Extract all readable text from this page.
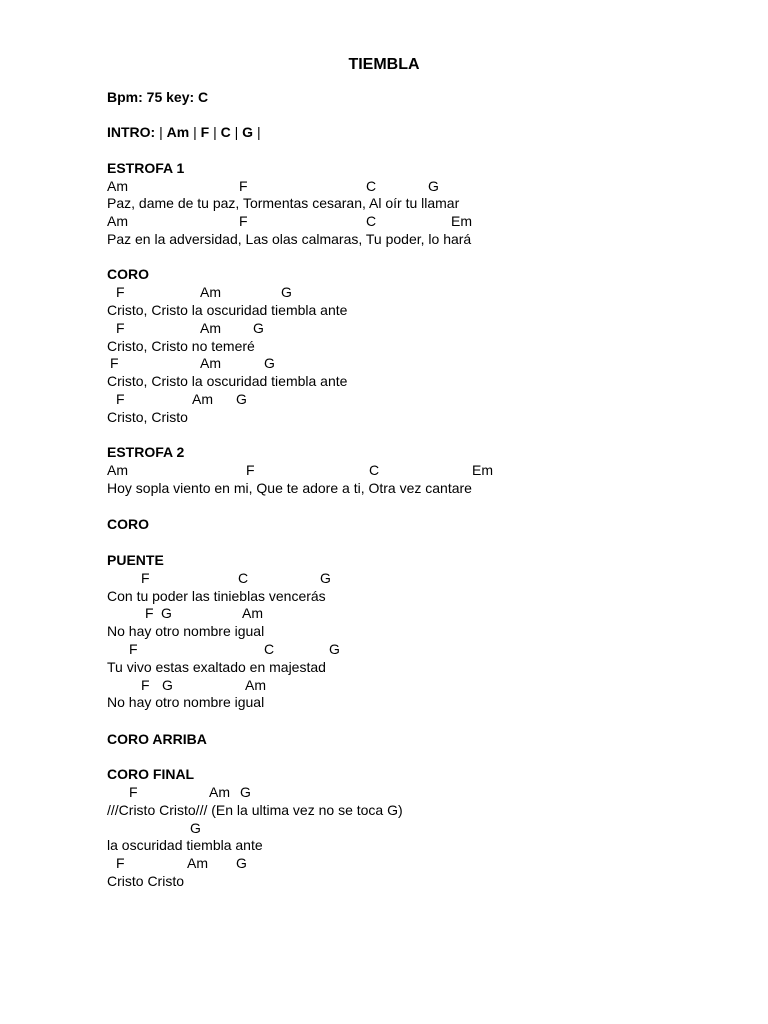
TIEMBLA
Bpm: 75 key: C
INTRO: | Am | F | C | G |
ESTROFA 1
Am	F	C	G
Paz, dame de tu paz, Tormentas cesaran, Al oír tu llamar
Am	F	C	Em
Paz en la adversidad, Las olas calmaras, Tu poder, lo hará
CORO
F	Am	G
Cristo, Cristo la oscuridad tiembla ante
F	Am G
Cristo, Cristo no temeré
F	Am	G
Cristo, Cristo la oscuridad tiembla ante
F	Am G
Cristo, Cristo
ESTROFA 2
Am	F	C	Em
Hoy sopla viento en mi, Que te adore a ti, Otra vez cantare
CORO
PUENTE
F	C	G
Con tu poder las tinieblas vencerás
F G	Am
No hay otro nombre igual
F	C	G
Tu vivo estas exaltado en majestad
F G	Am
No hay otro nombre igual
CORO ARRIBA
CORO FINAL
F	Am G
///Cristo Cristo/// (En la ultima vez no se toca G)
G
la oscuridad tiembla ante
F	Am G
Cristo Cristo
